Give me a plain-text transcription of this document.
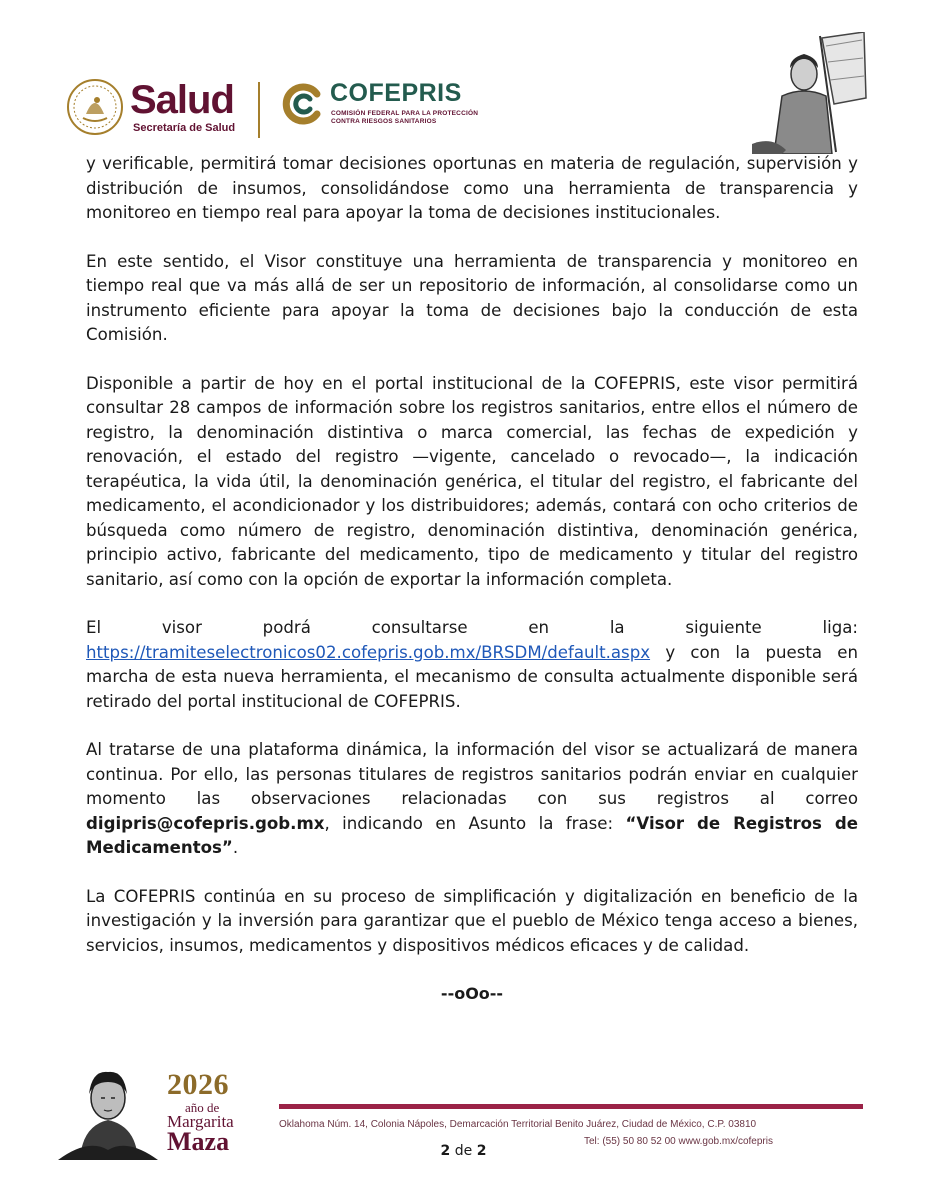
Salud
Secretaría de Salud
COFEPRIS
COMISIÓN FEDERAL PARA LA PROTECCIÓN
CONTRA RIESGOS SANITARIOS

y verificable, permitirá tomar decisiones oportunas en materia de regulación, supervisión y distribución de insumos, consolidándose como una herramienta de transparencia y monitoreo en tiempo real para apoyar la toma de decisiones institucionales.

En este sentido, el Visor constituye una herramienta de transparencia y monitoreo en tiempo real que va más allá de ser un repositorio de información, al consolidarse como un instrumento eficiente para apoyar la toma de decisiones bajo la conducción de esta Comisión.

Disponible a partir de hoy en el portal institucional de la COFEPRIS, este visor permitirá consultar 28 campos de información sobre los registros sanitarios, entre ellos el número de registro, la denominación distintiva o marca comercial, las fechas de expedición y renovación, el estado del registro —vigente, cancelado o revocado—, la indicación terapéutica, la vida útil, la denominación genérica, el titular del registro, el fabricante del medicamento, el acondicionador y los distribuidores; además, contará con ocho criterios de búsqueda como número de registro, denominación distintiva, denominación genérica, principio activo, fabricante del medicamento, tipo de medicamento y titular del registro sanitario, así como con la opción de exportar la información completa.

El visor podrá consultarse en la siguiente liga: https://tramiteselectronicos02.cofepris.gob.mx/BRSDM/default.aspx y con la puesta en marcha de esta nueva herramienta, el mecanismo de consulta actualmente disponible será retirado del portal institucional de COFEPRIS.

Al tratarse de una plataforma dinámica, la información del visor se actualizará de manera continua. Por ello, las personas titulares de registros sanitarios podrán enviar en cualquier momento las observaciones relacionadas con sus registros al correo digipris@cofepris.gob.mx, indicando en Asunto la frase: “Visor de Registros de Medicamentos”.

La COFEPRIS continúa en su proceso de simplificación y digitalización en beneficio de la investigación y la inversión para garantizar que el pueblo de México tenga acceso a bienes, servicios, insumos, medicamentos y dispositivos médicos eficaces y de calidad.

--oOo--
2026
año de
Margarita
Maza
Oklahoma Núm. 14, Colonia Nápoles, Demarcación Territorial Benito Juárez, Ciudad de México, C.P. 03810
Tel: (55) 50 80 52 00 www.gob.mx/cofepris
2 de 2
